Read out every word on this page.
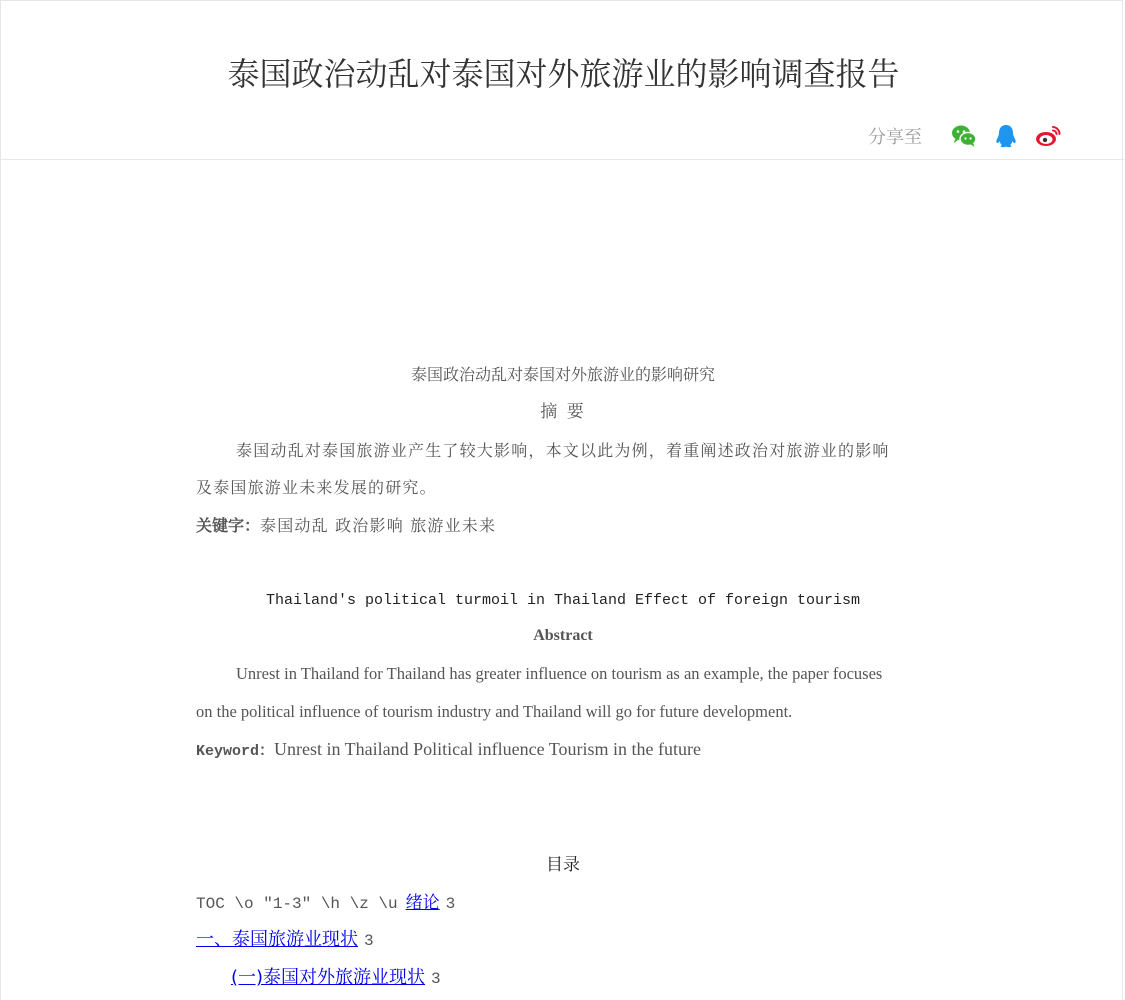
泰国政治动乱对泰国对外旅游业的影响调查报告
分享至
泰国政治动乱对泰国对外旅游业的影响研究
摘 要
泰国动乱对泰国旅游业产生了较大影响，本文以此为例，着重阐述政治对旅游业的影响
及泰国旅游业未来发展的研究。
关键字：泰国动乱 政治影响 旅游业未来
Thailand's political turmoil in Thailand Effect of foreign tourism
Abstract
Unrest in Thailand for Thailand has greater influence on tourism as an example, the paper focuses
on the political influence of tourism industry and Thailand will go for future development.
Keyword：Unrest in Thailand Political influence Tourism in the future
目录
TOC \o "1-3" \h \z \u 绪论 3
一、泰国旅游业现状 3
(一)泰国对外旅游业现状 3
